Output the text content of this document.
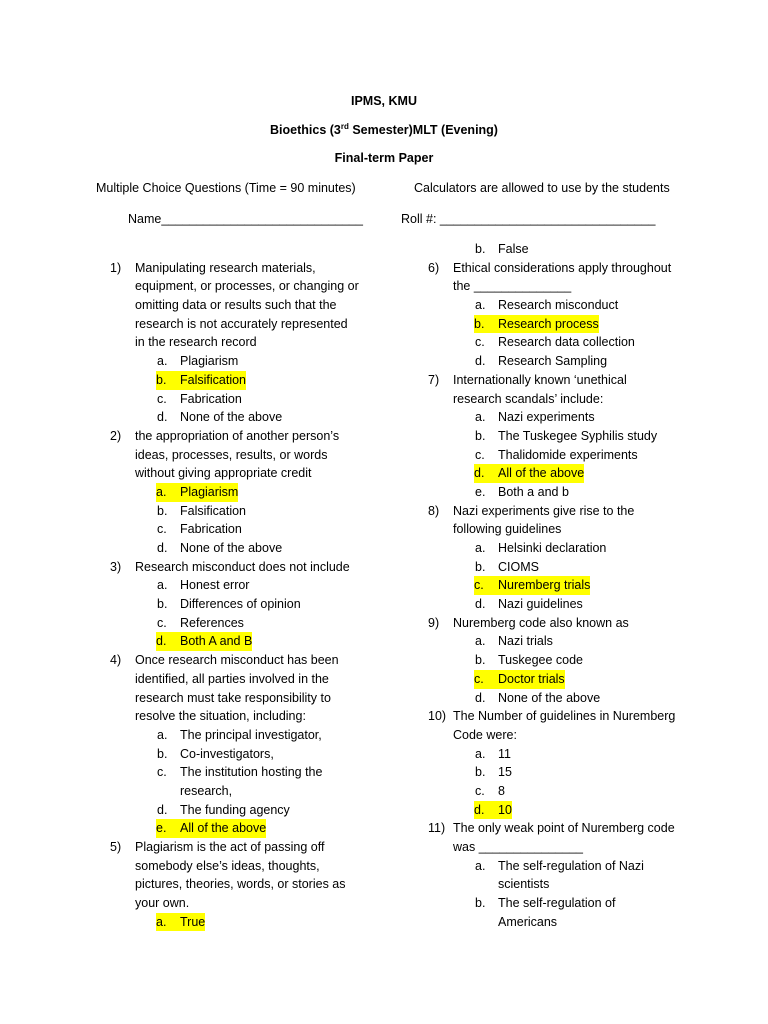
IPMS, KMU
Bioethics (3rd Semester)MLT (Evening)
Final-term Paper
Multiple Choice Questions (Time = 90 minutes)	Calculators are allowed to use by the students
Name_____________________________	Roll #: _______________________________
1) Manipulating research materials,
equipment, or processes, or changing or
omitting data or results such that the
research is not accurately represented
in the research record
a. Plagiarism
b.	Falsification
c. Fabrication
d. None of the above
2) the appropriation of another person’s
ideas, processes, results, or words
without giving appropriate credit
a.	Plagiarism
b. Falsification
c. Fabrication
d. None of the above
3) Research misconduct does not include
a. Honest error
b. Differences of opinion
c. References
d.	Both A and B
4) Once research misconduct has been
identified, all parties involved in the
research must take responsibility to
resolve the situation, including:
a. The principal investigator,
b. Co-investigators,
c. The institution hosting the
research,
d. The funding agency
e.	All of the above
5) Plagiarism is the act of passing off
somebody else’s ideas, thoughts,
pictures, theories, words, or stories as
your own.
a.	True
b. False
6) Ethical considerations apply throughout
the ______________
a. Research misconduct
b.	Research process
c. Research data collection
d. Research Sampling
7) Internationally known ‘unethical
research scandals’ include:
a. Nazi experiments
b. The Tuskegee Syphilis study
c. Thalidomide experiments
d.	All of the above
e. Both a and b
8) Nazi experiments give rise to the
following guidelines
a. Helsinki declaration
b. CIOMS
c.	Nuremberg trials
d. Nazi guidelines
9) Nuremberg code also known as
a. Nazi trials
b. Tuskegee code
c.	Doctor trials
d. None of the above
10) The Number of guidelines in Nuremberg
Code were:
a. 11
b. 15
c. 8
d.	10
11) The only weak point of Nuremberg code
was _______________
a. The self-regulation of Nazi
scientists
b. The self-regulation of
Americans
